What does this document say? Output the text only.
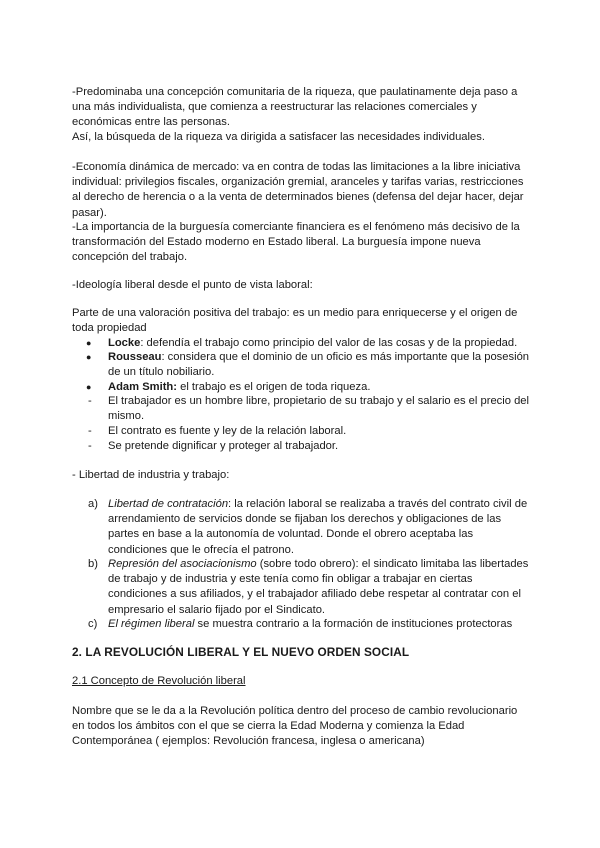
-Predominaba una concepción comunitaria de la riqueza, que paulatinamente deja paso a una más individualista, que comienza a reestructurar las relaciones comerciales y económicas entre las personas.

Así, la búsqueda de la riqueza va dirigida a satisfacer las necesidades individuales.

-Economía dinámica de mercado: va en contra de todas las limitaciones a la libre iniciativa individual: privilegios fiscales, organización gremial, aranceles y tarifas varias, restricciones al derecho de herencia o a la venta de determinados bienes (defensa del dejar hacer, dejar pasar).

-La importancia de la burguesía comerciante financiera es el fenómeno más decisivo de la transformación del Estado moderno en Estado liberal. La burguesía impone nueva concepción del trabajo.

-Ideología liberal desde el punto de vista laboral:

Parte de una valoración positiva del trabajo: es un medio para enriquecerse y el origen de toda propiedad

● Locke: defendía el trabajo como principio del valor de las cosas y de la propiedad.

● Rousseau: considera que el dominio de un oficio es más importante que la posesión de un título nobiliario.

● Adam Smith: el trabajo es el origen de toda riqueza.

- El trabajador es un hombre libre, propietario de su trabajo y el salario es el precio del mismo.

- El contrato es fuente y ley de la relación laboral.

- Se pretende dignificar y proteger al trabajador.

- Libertad de industria y trabajo:

a) Libertad de contratación: la relación laboral se realizaba a través del contrato civil de arrendamiento de servicios donde se fijaban los derechos y obligaciones de las partes en base a la autonomía de voluntad. Donde el obrero aceptaba las condiciones que le ofrecía el patrono.

b) Represión del asociacionismo (sobre todo obrero): el sindicato limitaba las libertades de trabajo y de industria y este tenía como fin obligar a trabajar en ciertas condiciones a sus afiliados, y el trabajador afiliado debe respetar al contratar con el empresario el salario fijado por el Sindicato.

c) El régimen liberal se muestra contrario a la formación de instituciones protectoras

2. LA REVOLUCIÓN LIBERAL Y EL NUEVO ORDEN SOCIAL

2.1 Concepto de Revolución liberal

Nombre que se le da a la Revolución política dentro del proceso de cambio revolucionario en todos los ámbitos con el que se cierra la Edad Moderna y comienza la Edad Contemporánea ( ejemplos: Revolución francesa, inglesa o americana)
